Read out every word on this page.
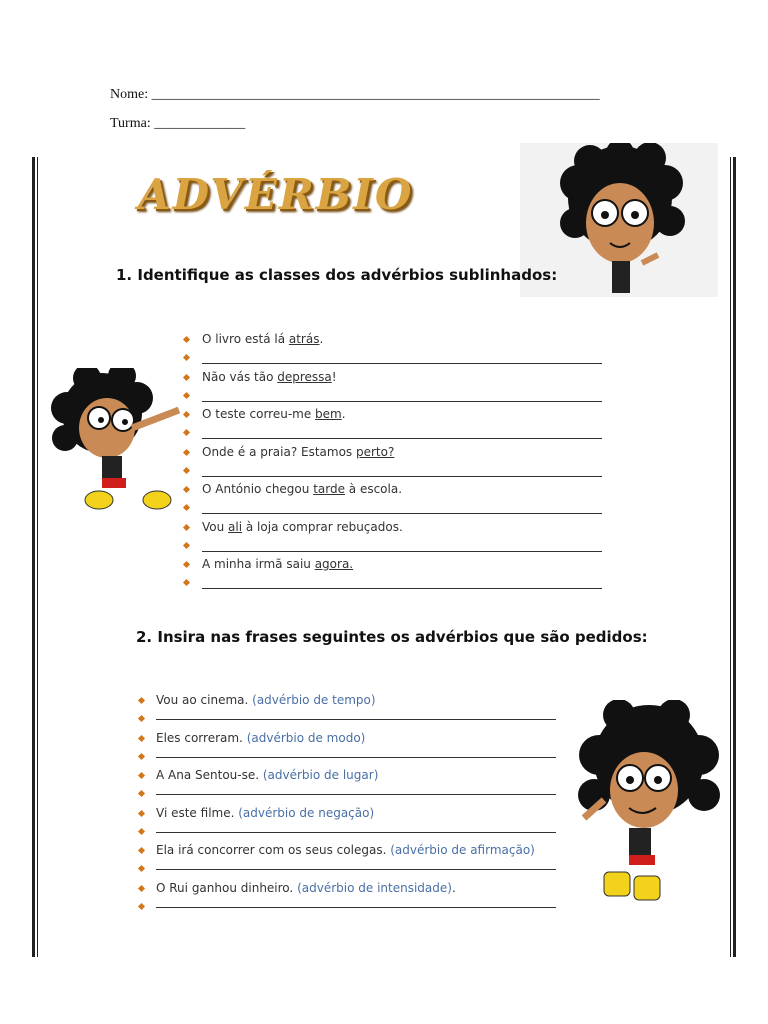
Nome: ________________________________________________________________
Turma: _____________
ADVÉRBIO
1. Identifique as classes dos advérbios sublinhados:
O livro está lá atrás.
Não vás tão depressa!
O teste correu-me bem.
Onde é a praia? Estamos perto?
O António chegou tarde à escola.
Vou ali à loja comprar rebuçados.
A minha irmã saiu agora.
2. Insira nas frases seguintes os advérbios que são pedidos:
Vou ao cinema. (advérbio de tempo)
Eles correram. (advérbio de modo)
A Ana Sentou-se. (advérbio de lugar)
Vi este filme. (advérbio de negação)
Ela irá concorrer com os seus colegas. (advérbio de afirmação)
O Rui ganhou dinheiro. (advérbio de intensidade).
